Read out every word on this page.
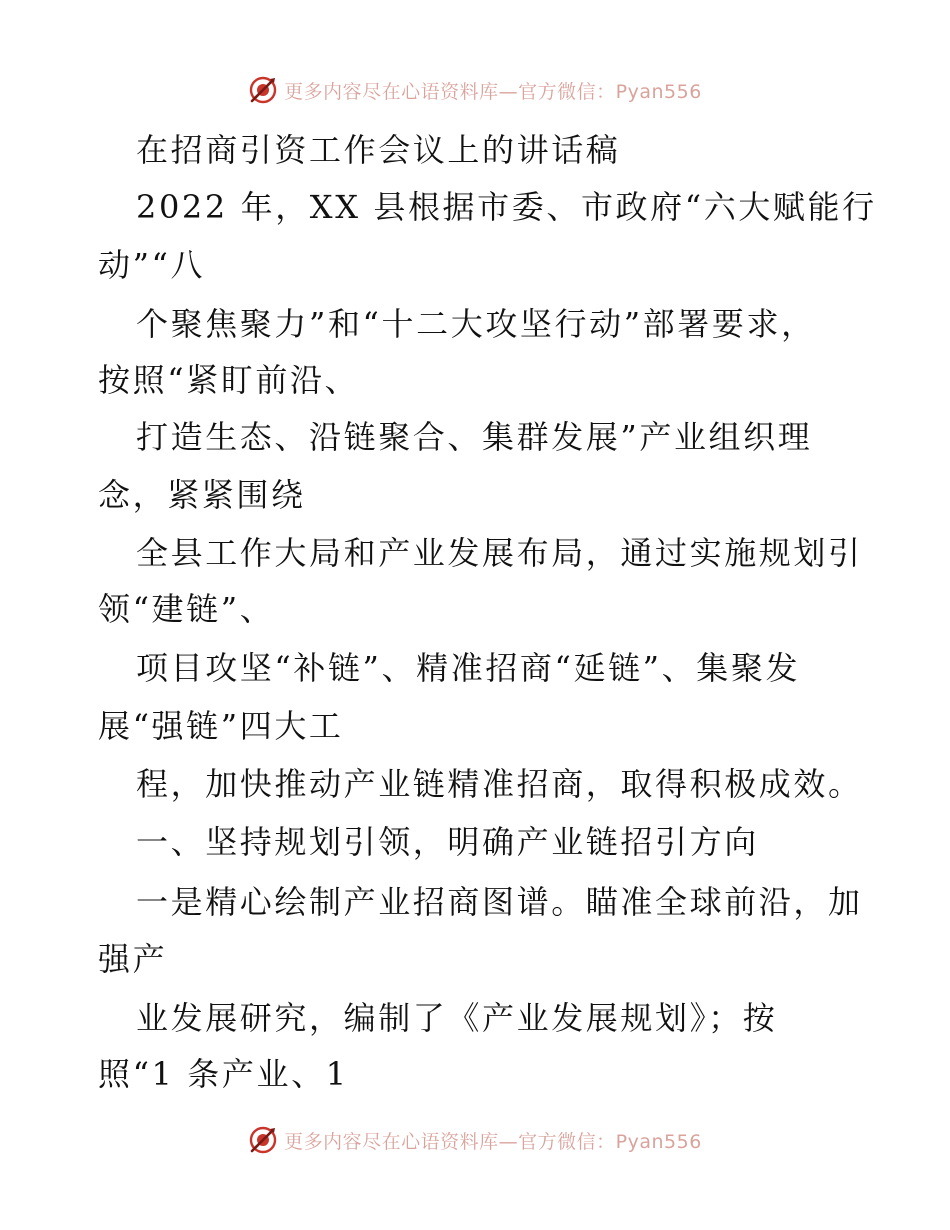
更多内容尽在心语资料库—官方微信：Pyan556
在招商引资工作会议上的讲话稿
2022 年，XX 县根据市委、市政府“六大赋能行
动”“八
个聚焦聚力”和“十二大攻坚行动”部署要求，
按照“紧盯前沿、
打造生态、沿链聚合、集群发展”产业组织理
念，紧紧围绕
全县工作大局和产业发展布局，通过实施规划引
领“建链”、
项目攻坚“补链”、精准招商“延链”、集聚发
展“强链”四大工
程，加快推动产业链精准招商，取得积极成效。
一、坚持规划引领，明确产业链招引方向
一是精心绘制产业招商图谱。瞄准全球前沿，加
强产
业发展研究，编制了《产业发展规划》；按
照“1 条产业、1
更多内容尽在心语资料库—官方微信：Pyan556
